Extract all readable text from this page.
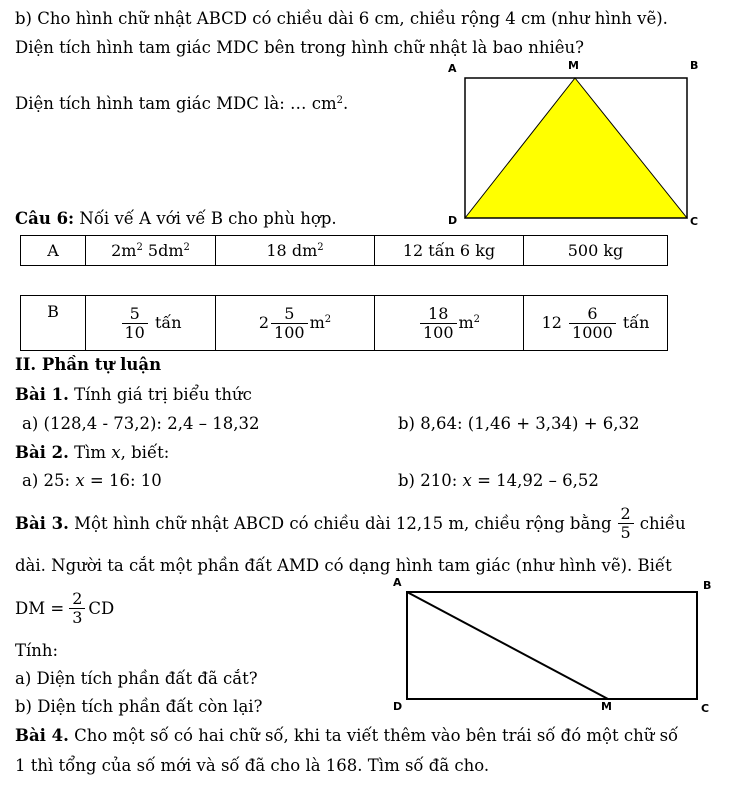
b) Cho hình chữ nhật ABCD có chiều dài 6 cm, chiều rộng 4 cm (như hình vẽ).
Diện tích hình tam giác MDC bên trong hình chữ nhật là bao nhiêu?
Diện tích hình tam giác MDC là: … $cm^2$.
A	M	B
D	C
Câu 6: Nối vế A với vế B cho phù hợp.
A	$2m^2$ $5dm^2$	18 $dm^2$	12 tấn 6 kg	500 kg
B	$\frac{5}{10}$ tấn	$2 \frac{5}{100} m^2$	$\frac{18}{100} m^2$	$12 \frac{6}{1000}$ tấn
II. Phần tự luận
Bài 1. Tính giá trị biểu thức
a) (128,4 - 73,2): 2,4 – 18,32	b) 8,64: (1,46 + 3,34) + 6,32
Bài 2. Tìm x, biết:
a) 25: x = 16: 10	b) 210: x = 14,92 – 6,52
Bài 3. Một hình chữ nhật ABCD có chiều dài 12,15 m, chiều rộng bằng $\frac{2}{5}$ chiều
dài. Người ta cắt một phần đất AMD có dạng hình tam giác (như hình vẽ). Biết
DM = $\frac{2}{3}$ CD
Tính:
a) Diện tích phần đất đã cắt?
b) Diện tích phần đất còn lại?
A	B
D	M	C
Bài 4. Cho một số có hai chữ số, khi ta viết thêm vào bên trái số đó một chữ số
1 thì tổng của số mới và số đã cho là 168. Tìm số đã cho.
